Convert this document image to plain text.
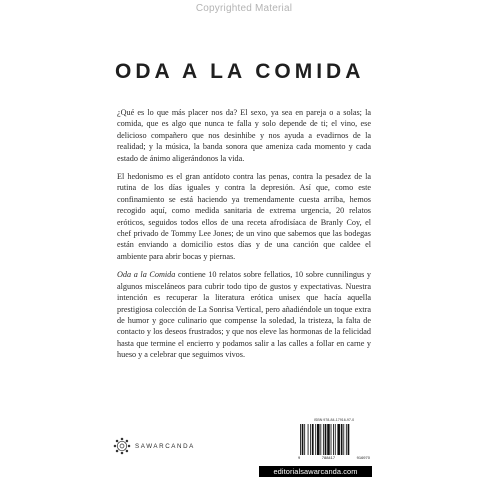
Copyrighted Material
ODA A LA COMIDA

¿Qué es lo que más placer nos da? El sexo, ya sea en pareja o a solas; la comida, que es algo que nunca te falla y solo depende de ti; el vino, ese delicioso compañero que nos desinhibe y nos ayuda a evadirnos de la realidad; y la música, la banda sonora que ameniza cada momento y cada estado de ánimo aligerándonos la vida.

El hedonismo es el gran antídoto contra las penas, contra la pesadez de la rutina de los días iguales y contra la depresión. Así que, como este confinamiento se está haciendo ya tremendamente cuesta arriba, hemos recogido aquí, como medida sanitaria de extrema urgencia, 20 relatos eróticos, seguidos todos ellos de una receta afrodisíaca de Branly Coy, el chef privado de Tommy Lee Jones; de un vino que sabemos que las bodegas están enviando a domicilio estos días y de una canción que caldee el ambiente para abrir bocas y piernas.

Oda a la Comida contiene 10 relatos sobre fellatios, 10 sobre cunnilingus y algunos misceláneos para cubrir todo tipo de gustos y expectativas. Nuestra intención es recuperar la literatura erótica unisex que hacía aquella prestigiosa colección de La Sonrisa Vertical, pero añadiéndole un toque extra de humor y goce culinario que compense la soledad, la tristeza, la falta de contacto y los deseos frustrados; y que nos eleve las hormonas de la felicidad hasta que termine el encierro y podamos salir a las calles a follar en carne y hueso y a celebrar que seguimos vivos.

SAWARCANDA
ISBN 978-84-17916-97-0
9	788417	916970
editorialsawarcanda.com
